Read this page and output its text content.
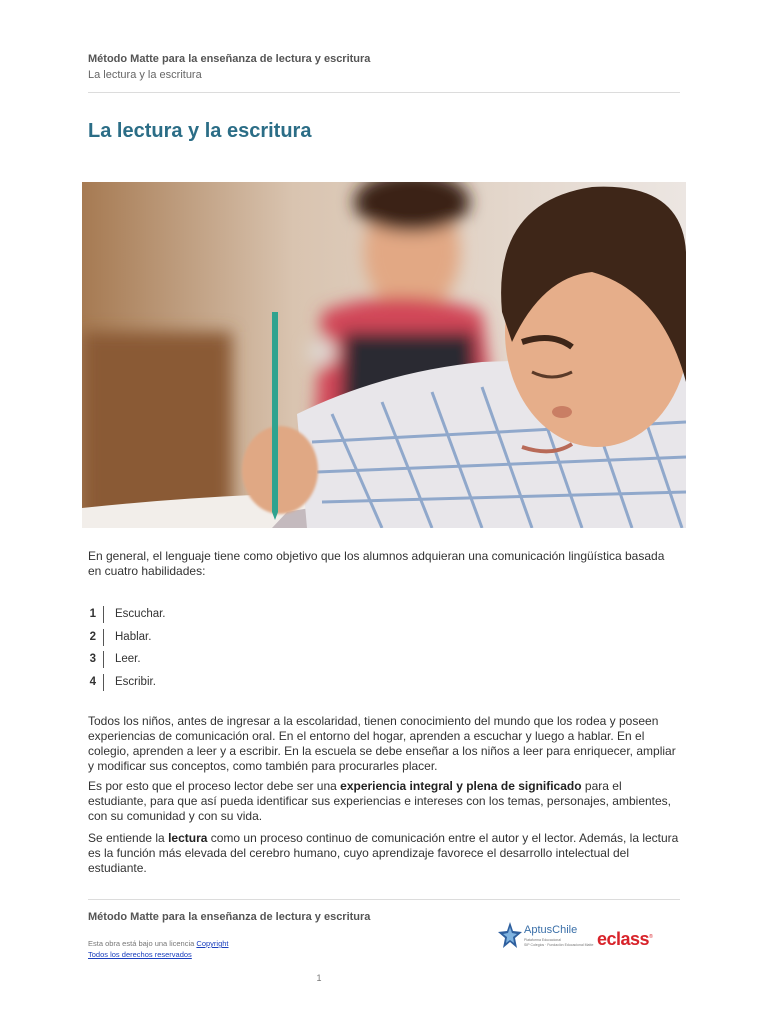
Método Matte para la enseñanza de lectura y escritura
La lectura y la escritura
La lectura y la escritura

En general, el lenguaje tiene como objetivo que los alumnos adquieran una comunicación lingüística basada en cuatro habilidades:

1 Escuchar.
2 Hablar.
3 Leer.
4 Escribir.

Todos los niños, antes de ingresar a la escolaridad, tienen conocimiento del mundo que los rodea y poseen experiencias de comunicación oral. En el entorno del hogar, aprenden a escuchar y luego a hablar. En el colegio, aprenden a leer y a escribir. En la escuela se debe enseñar a los niños a leer para enriquecer, ampliar y modificar sus conceptos, como también para procurarles placer.

Es por esto que el proceso lector debe ser una experiencia integral y plena de significado para el estudiante, para que así pueda identificar sus experiencias e intereses con los temas, personajes, ambientes, con su comunidad y con su vida.

Se entiende la lectura como un proceso continuo de comunicación entre el autor y el lector. Además, la lectura es la función más elevada del cerebro humano, cuyo aprendizaje favorece el desarrollo intelectual del estudiante.

Método Matte para la enseñanza de lectura y escritura
Esta obra está bajo una licencia Copyright
Todos los derechos reservados
AptusChile
Plataforma Educacional
SIP Colegios · Fundación Educacional Matte eclass®
1
